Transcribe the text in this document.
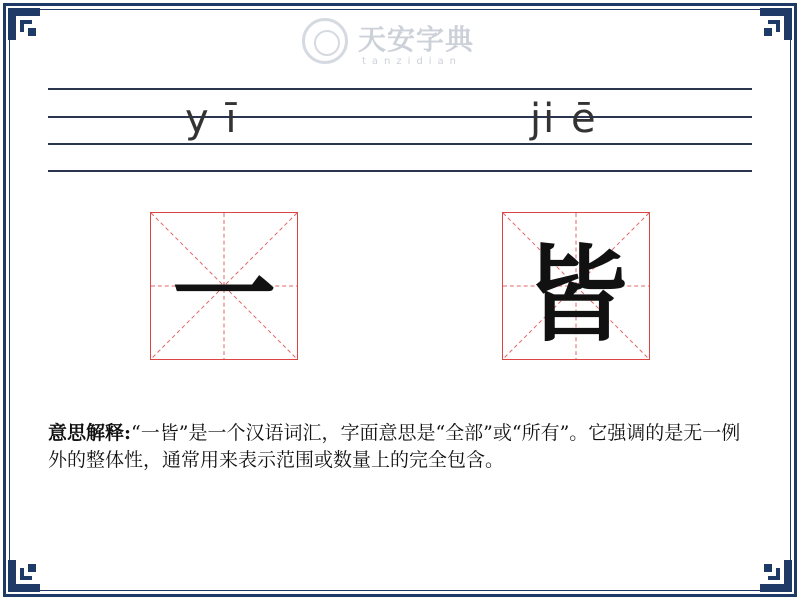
天安字典
tanzidian
y ī	ji ē
一 皆
意思解释:“一皆”是一个汉语词汇，字面意思是“全部”或“所有”。它强调的是无一例外的整体性，通常用来表示范围或数量上的完全包含。
